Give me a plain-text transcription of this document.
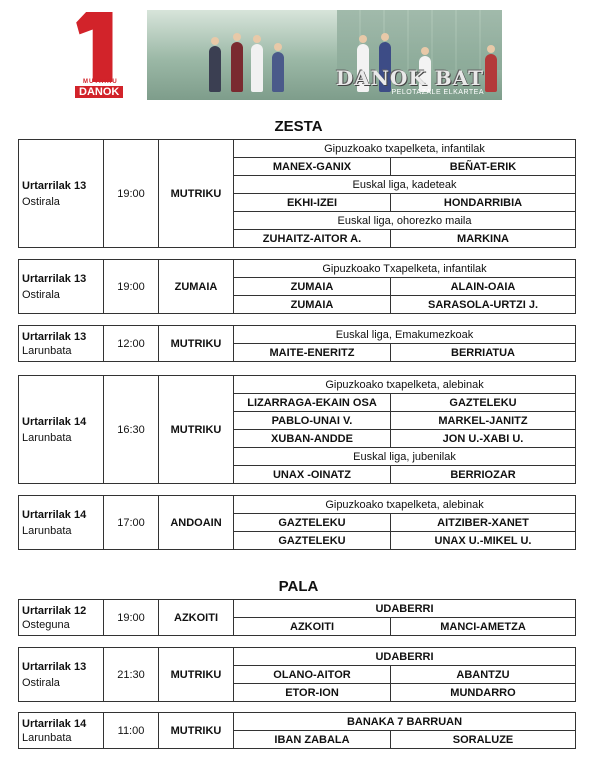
MUTRIKU
DANOK
DANOK BAT
PELOTAZALE ELKARTEA
ZESTA
Urtarrilak 13
Ostirala	19:00	MUTRIKU	Gipuzkoako txapelketa, infantilak	
			MANEX-GANIX	BEÑAT-ERIK
			Euskal liga, kadeteak	
			EKHI-IZEI	HONDARRIBIA
			Euskal liga, ohorezko maila	
			ZUHAITZ-AITOR A.	MARKINA
Urtarrilak 13
Ostirala	19:00	ZUMAIA	Gipuzkoako Txapelketa, infantilak	
			ZUMAIA	ALAIN-OAIA
			ZUMAIA	SARASOLA-URTZI J.
Urtarrilak 13
Larunbata	12:00	MUTRIKU	Euskal liga, Emakumezkoak	
			MAITE-ENERITZ	BERRIATUA
Urtarrilak 14
Larunbata	16:30	MUTRIKU	Gipuzkoako txapelketa, alebinak	
			LIZARRAGA-EKAIN OSA	GAZTELEKU
			PABLO-UNAI V.	MARKEL-JANITZ
			XUBAN-ANDDE	JON U.-XABI U.
			Euskal liga, jubenilak	
			UNAX -OINATZ	BERRIOZAR
Urtarrilak 14
Larunbata	17:00	ANDOAIN	Gipuzkoako txapelketa, alebinak	
			GAZTELEKU	AITZIBER-XANET
			GAZTELEKU	UNAX U.-MIKEL U.
PALA
Urtarrilak 12
Osteguna	19:00	AZKOITI	UDABERRI	
			AZKOITI	MANCI-AMETZA
Urtarrilak 13
Ostirala	21:30	MUTRIKU	UDABERRI	
			OLANO-AITOR	ABANTZU
			ETOR-ION	MUNDARRO
Urtarrilak 14
Larunbata	11:00	MUTRIKU	BANAKA 7 BARRUAN	
			IBAN ZABALA	SORALUZE
